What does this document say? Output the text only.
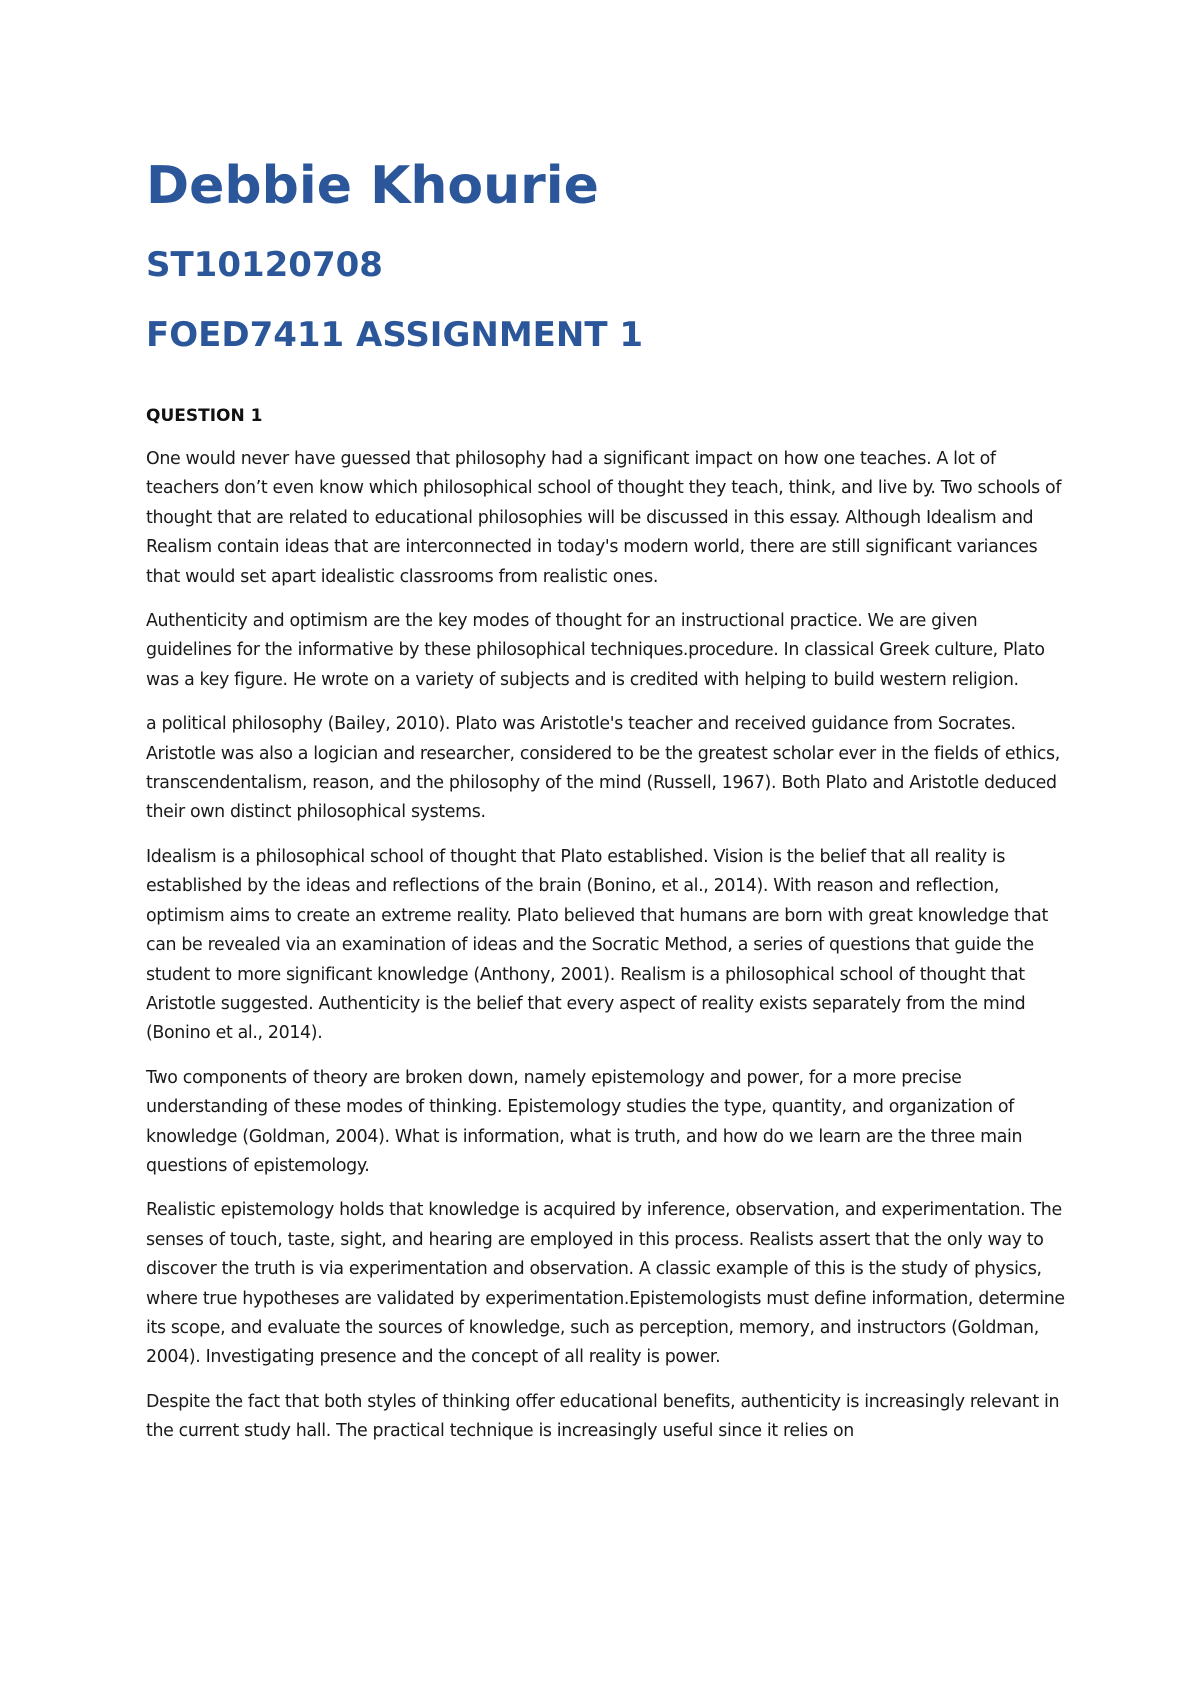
Debbie Khourie
ST10120708
FOED7411 ASSIGNMENT 1

QUESTION 1

One would never have guessed that philosophy had a significant impact on how one teaches. A lot of teachers don’t even know which philosophical school of thought they teach, think, and live by. Two schools of thought that are related to educational philosophies will be discussed in this essay. Although Idealism and Realism contain ideas that are interconnected in today's modern world, there are still significant variances that would set apart idealistic classrooms from realistic ones.

Authenticity and optimism are the key modes of thought for an instructional practice. We are given guidelines for the informative by these philosophical techniques.procedure. In classical Greek culture, Plato was a key figure. He wrote on a variety of subjects and is credited with helping to build western religion.

a political philosophy (Bailey, 2010). Plato was Aristotle's teacher and received guidance from Socrates. Aristotle was also a logician and researcher, considered to be the greatest scholar ever in the fields of ethics, transcendentalism, reason, and the philosophy of the mind (Russell, 1967). Both Plato and Aristotle deduced their own distinct philosophical systems.

Idealism is a philosophical school of thought that Plato established. Vision is the belief that all reality is established by the ideas and reflections of the brain (Bonino, et al., 2014). With reason and reflection, optimism aims to create an extreme reality. Plato believed that humans are born with great knowledge that can be revealed via an examination of ideas and the Socratic Method, a series of questions that guide the student to more significant knowledge (Anthony, 2001). Realism is a philosophical school of thought that Aristotle suggested. Authenticity is the belief that every aspect of reality exists separately from the mind (Bonino et al., 2014).

Two components of theory are broken down, namely epistemology and power, for a more precise understanding of these modes of thinking. Epistemology studies the type, quantity, and organization of knowledge (Goldman, 2004). What is information, what is truth, and how do we learn are the three main questions of epistemology.

Realistic epistemology holds that knowledge is acquired by inference, observation, and experimentation. The senses of touch, taste, sight, and hearing are employed in this process. Realists assert that the only way to discover the truth is via experimentation and observation. A classic example of this is the study of physics, where true hypotheses are validated by experimentation.Epistemologists must define information, determine its scope, and evaluate the sources of knowledge, such as perception, memory, and instructors (Goldman, 2004). Investigating presence and the concept of all reality is power.

Despite the fact that both styles of thinking offer educational benefits, authenticity is increasingly relevant in the current study hall. The practical technique is increasingly useful since it relies on
